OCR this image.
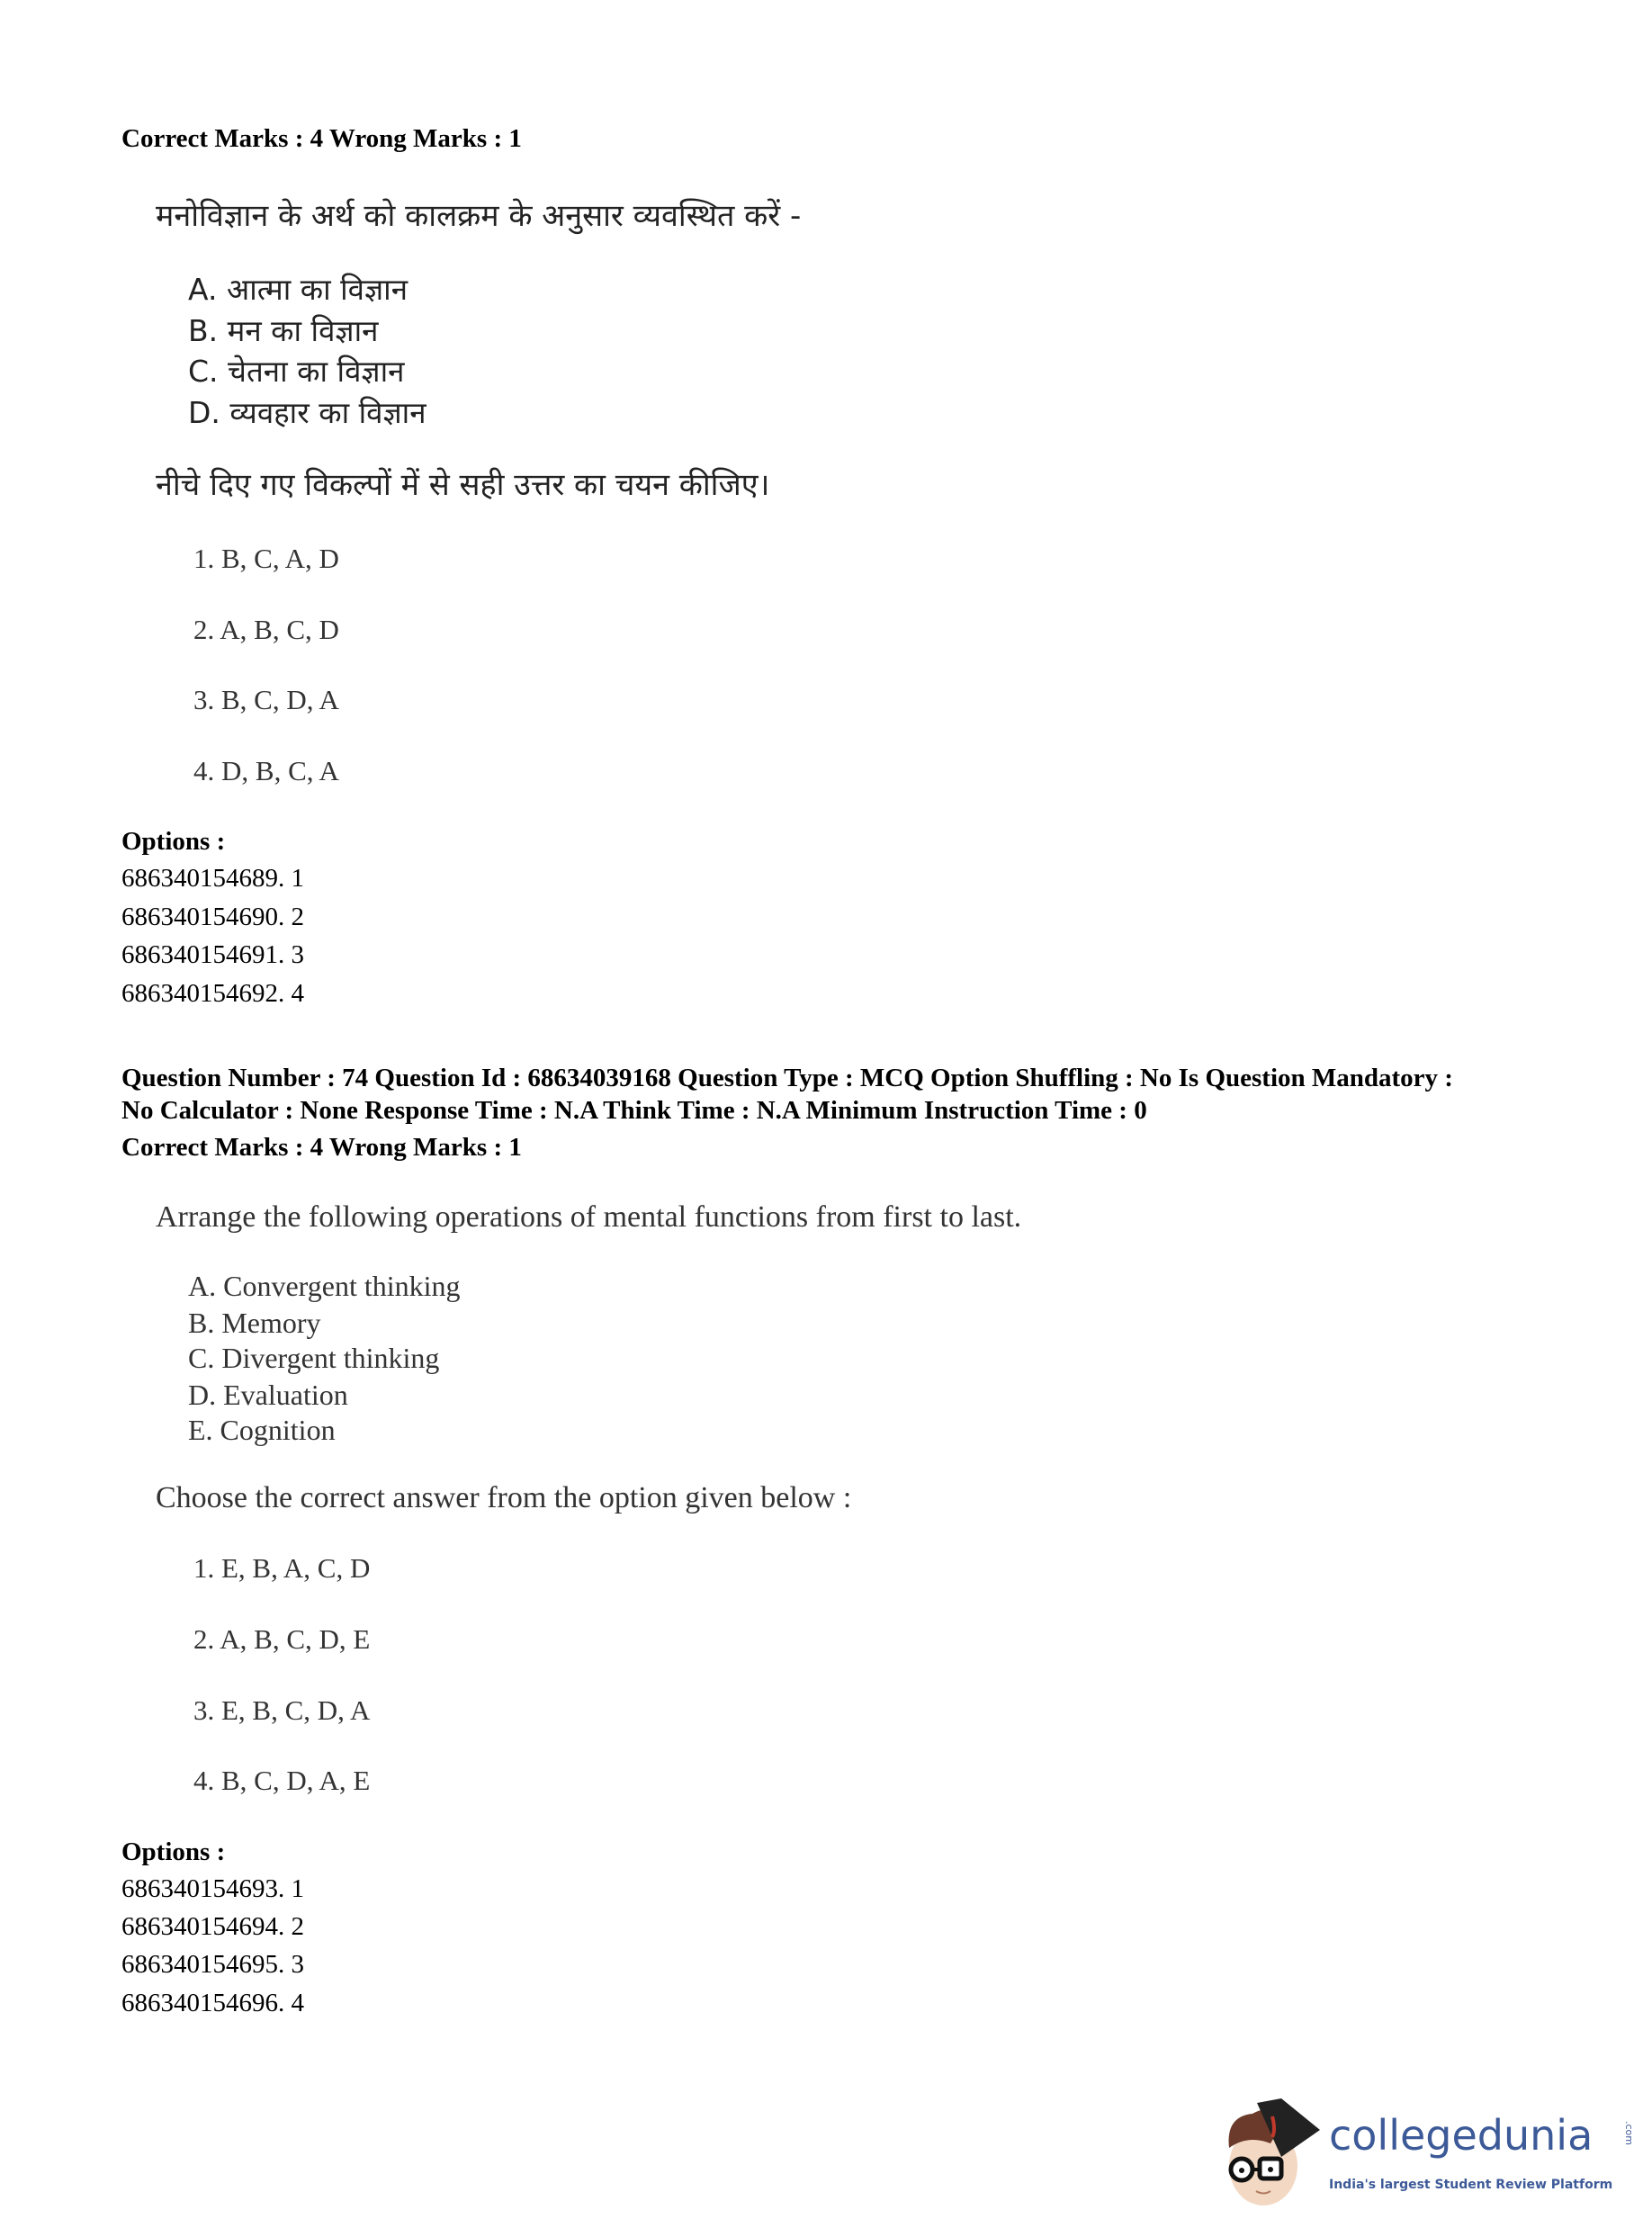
Correct Marks : 4 Wrong Marks : 1
मनोविज्ञान के अर्थ को कालक्रम के अनुसार व्यवस्थित करें -
A. आत्मा का विज्ञान
B. मन का विज्ञान
C. चेतना का विज्ञान
D. व्यवहार का विज्ञान
नीचे दिए गए विकल्पों में से सही उत्तर का चयन कीजिए।
1. B, C, A, D
2. A, B, C, D
3. B, C, D, A
4. D, B, C, A
Options :
686340154689. 1
686340154690. 2
686340154691. 3
686340154692. 4
Question Number : 74 Question Id : 68634039168 Question Type : MCQ Option Shuffling : No Is Question Mandatory :
No Calculator : None Response Time : N.A Think Time : N.A Minimum Instruction Time : 0
Correct Marks : 4 Wrong Marks : 1
Arrange the following operations of mental functions from first to last.
A. Convergent thinking
B. Memory
C. Divergent thinking
D. Evaluation
E. Cognition
Choose the correct answer from the option given below :
1. E, B, A, C, D
2. A, B, C, D, E
3. E, B, C, D, A
4. B, C, D, A, E
Options :
686340154693. 1
686340154694. 2
686340154695. 3
686340154696. 4
collegedunia	.com
India's largest Student Review Platform
